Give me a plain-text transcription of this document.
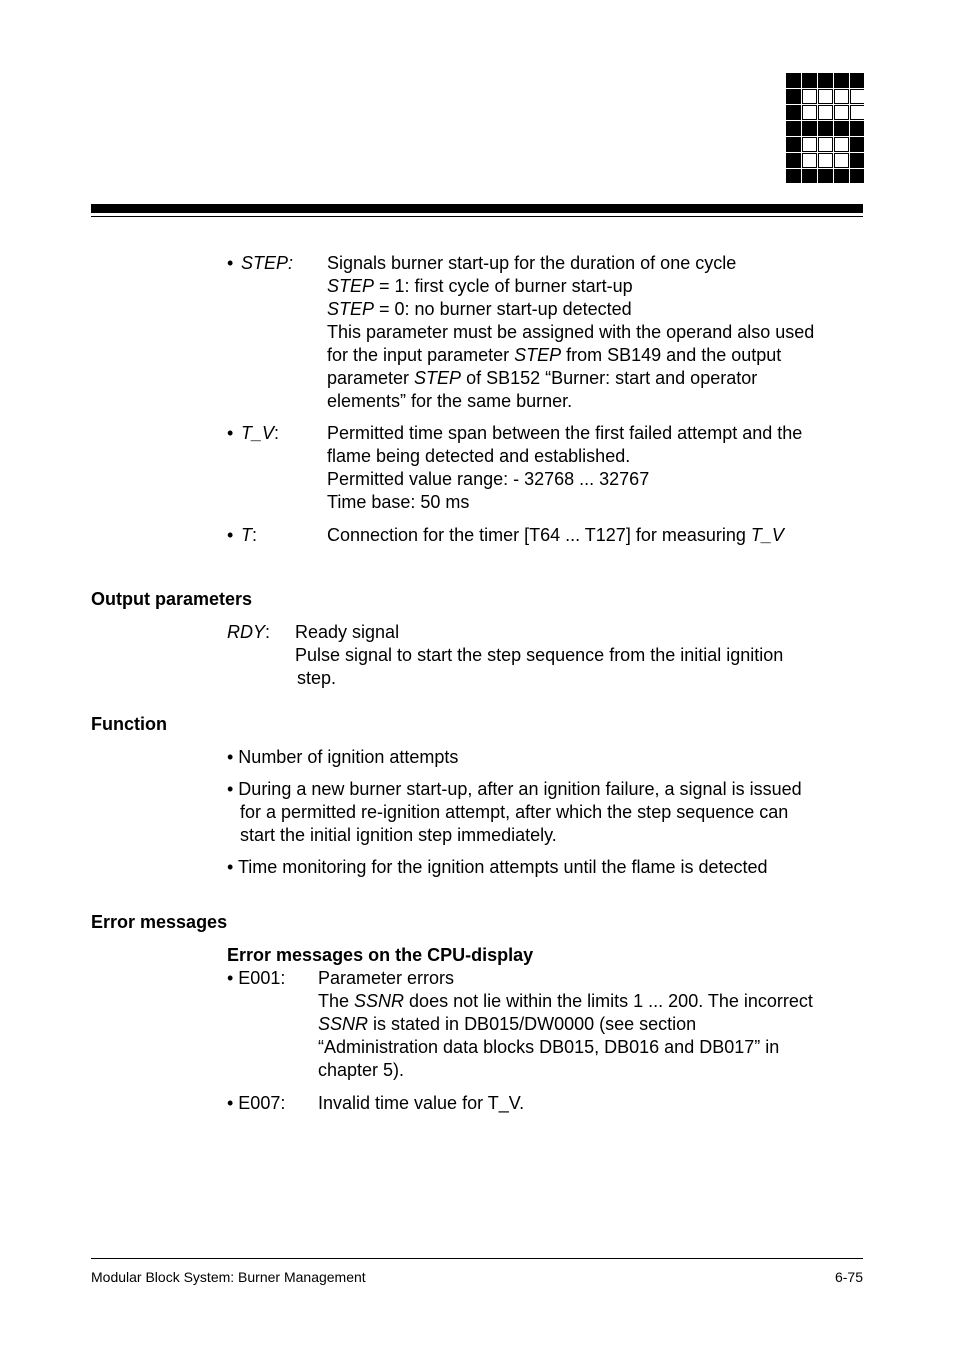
• STEP: Signals burner start-up for the duration of one cycle
STEP = 1: first cycle of burner start-up
STEP = 0: no burner start-up detected
This parameter must be assigned with the operand also used
for the input parameter STEP from SB149 and the output
parameter STEP of SB152 “Burner: start and operator
elements” for the same burner.
• T_V:	Permitted time span between the first failed attempt and the
flame being detected and established.
Permitted value range: - 32768 ... 32767
Time base: 50 ms
• T:	Connection for the timer [T64 ... T127] for measuring T_V
Output parameters
RDY: Ready signal
Pulse signal to start the step sequence from the initial ignition
step.
Function
• Number of ignition attempts
• During a new burner start-up, after an ignition failure, a signal is issued
for a permitted re-ignition attempt, after which the step sequence can
start the initial ignition step immediately.
• Time monitoring for the ignition attempts until the flame is detected
Error messages
Error messages on the CPU-display
• E001: Parameter errors
The SSNR does not lie within the limits 1 ... 200. The incorrect
SSNR is stated in DB015/DW0000 (see section
“Administration data blocks DB015, DB016 and DB017” in
chapter 5).
• E007: Invalid time value for T_V.
Modular Block System: Burner Management	6-75
